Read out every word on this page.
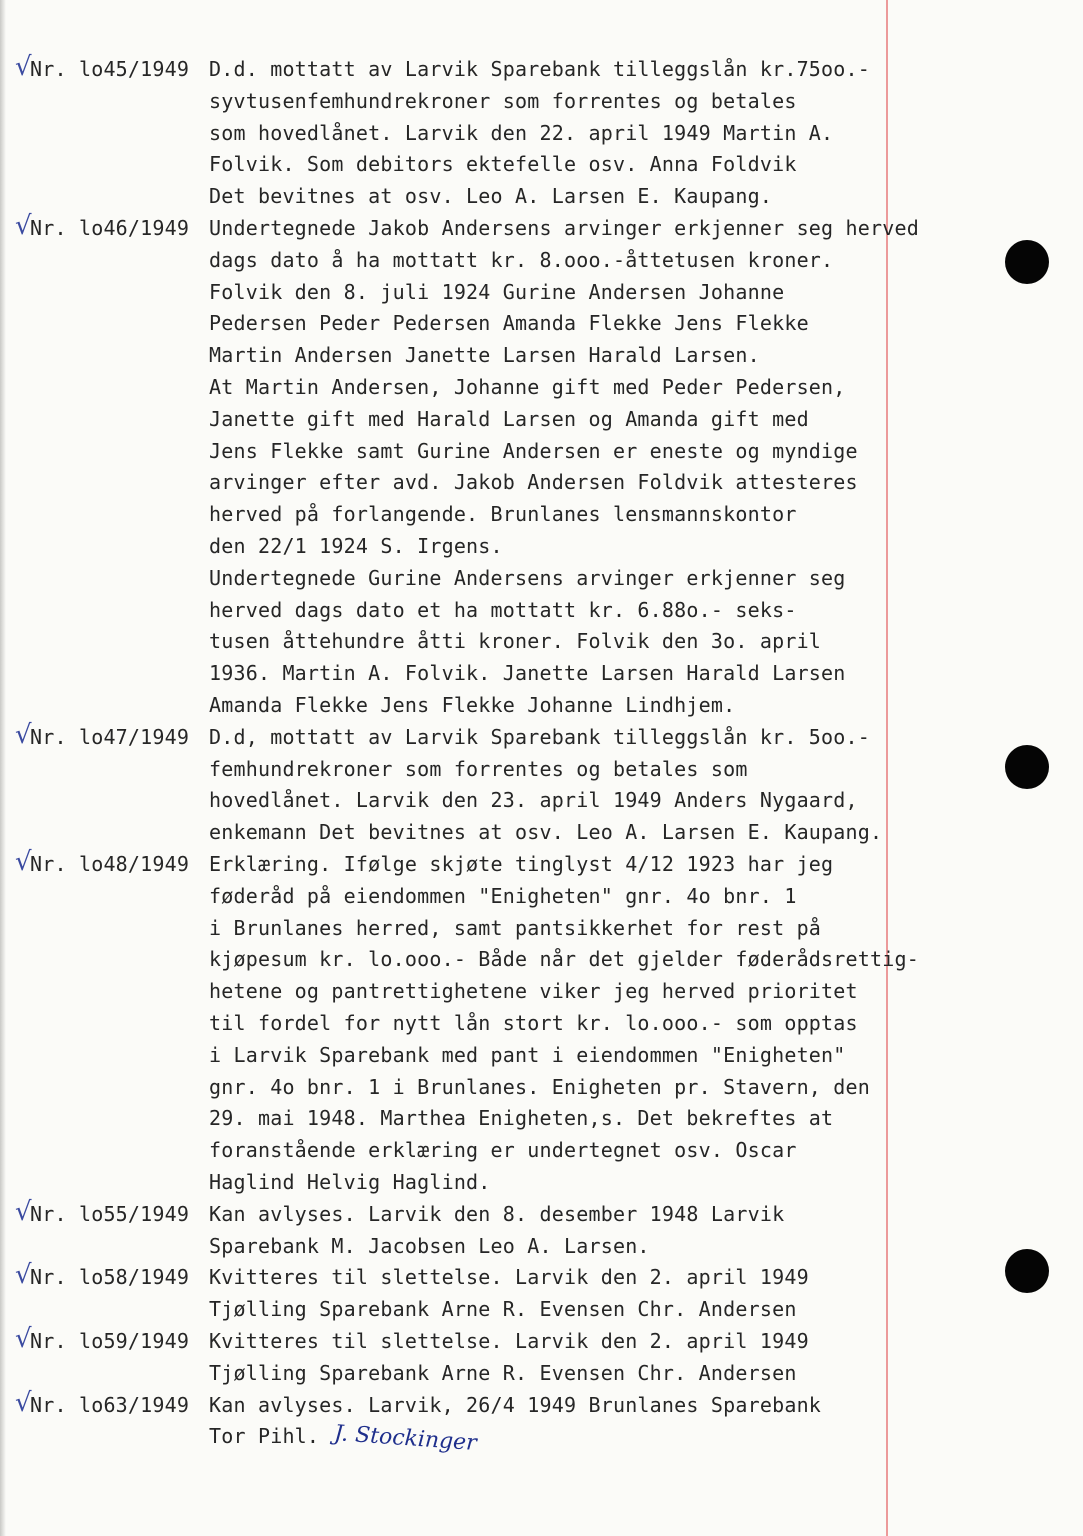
√
Nr. lo45/1949 D.d. mottatt av Larvik Sparebank tilleggslån kr.75oo.-
syvtusenfemhundrekroner som forrentes og betales
som hovedlånet. Larvik den 22. april 1949 Martin A.
Folvik. Som debitors ektefelle osv. Anna Foldvik
Det bevitnes at osv. Leo A. Larsen E. Kaupang.
√
Nr. lo46/1949 Undertegnede Jakob Andersens arvinger erkjenner seg herved
dags dato å ha mottatt kr. 8.ooo.-åttetusen kroner.
Folvik den 8. juli 1924 Gurine Andersen Johanne
Pedersen Peder Pedersen Amanda Flekke Jens Flekke
Martin Andersen Janette Larsen Harald Larsen.
At Martin Andersen, Johanne gift med Peder Pedersen,
Janette gift med Harald Larsen og Amanda gift med
Jens Flekke samt Gurine Andersen er eneste og myndige
arvinger efter avd. Jakob Andersen Foldvik attesteres
herved på forlangende. Brunlanes lensmannskontor
den 22/1 1924 S. Irgens.
Undertegnede Gurine Andersens arvinger erkjenner seg
herved dags dato et ha mottatt kr. 6.88o.- seks-
tusen åttehundre åtti kroner. Folvik den 3o. april
1936. Martin A. Folvik. Janette Larsen Harald Larsen
Amanda Flekke Jens Flekke Johanne Lindhjem.
√
Nr. lo47/1949 D.d, mottatt av Larvik Sparebank tilleggslån kr. 5oo.-
femhundrekroner som forrentes og betales som
hovedlånet. Larvik den 23. april 1949 Anders Nygaard,
enkemann Det bevitnes at osv. Leo A. Larsen E. Kaupang.
√
Nr. lo48/1949 Erklæring. Ifølge skjøte tinglyst 4/12 1923 har jeg
føderåd på eiendommen "Enigheten" gnr. 4o bnr. 1
i Brunlanes herred, samt pantsikkerhet for rest på
kjøpesum kr. lo.ooo.- Både når det gjelder føderådsrettig-
hetene og pantrettighetene viker jeg herved prioritet
til fordel for nytt lån stort kr. lo.ooo.- som opptas
i Larvik Sparebank med pant i eiendommen "Enigheten"
gnr. 4o bnr. 1 i Brunlanes. Enigheten pr. Stavern, den
29. mai 1948. Marthea Enigheten,s. Det bekreftes at
foranstående erklæring er undertegnet osv. Oscar
Haglind Helvig Haglind.
√
Nr. lo55/1949 Kan avlyses. Larvik den 8. desember 1948 Larvik
Sparebank M. Jacobsen Leo A. Larsen.
√
Nr. lo58/1949 Kvitteres til slettelse. Larvik den 2. april 1949
Tjølling Sparebank Arne R. Evensen Chr. Andersen
√
Nr. lo59/1949 Kvitteres til slettelse. Larvik den 2. april 1949
Tjølling Sparebank Arne R. Evensen Chr. Andersen
√
Nr. lo63/1949 Kan avlyses. Larvik, 26/4 1949 Brunlanes Sparebank
Tor Pihl. J. Stockinger
